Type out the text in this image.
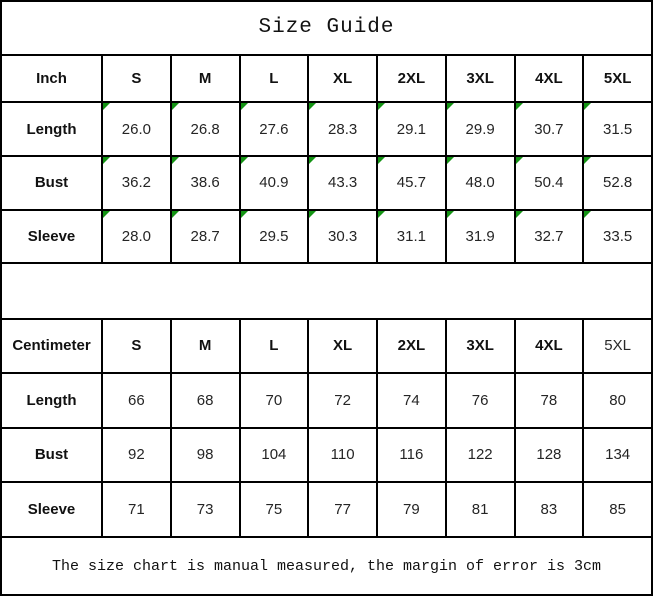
Size Guide								
Inch	S	M	L	XL	2XL	3XL	4XL	5XL
Length	26.0	26.8	27.6	28.3	29.1	29.9	30.7	31.5
Bust	36.2	38.6	40.9	43.3	45.7	48.0	50.4	52.8
Sleeve	28.0	28.7	29.5	30.3	31.1	31.9	32.7	33.5

Centimeter	S	M	L	XL	2XL	3XL	4XL	5XL
Length	66	68	70	72	74	76	78	80
Bust	92	98	104	110	116	122	128	134
Sleeve	71	73	75	77	79	81	83	85
The size chart is manual measured, the margin of error is 3cm								
